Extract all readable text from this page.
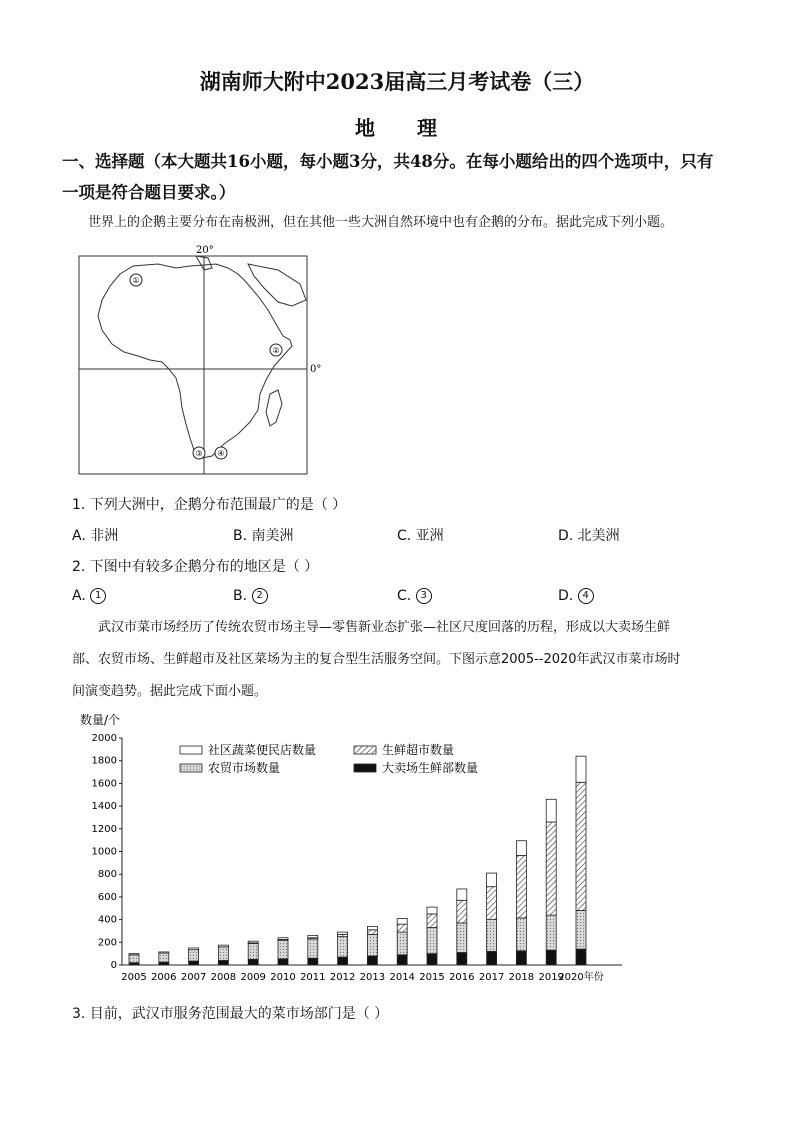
湖南师大附中2023届高三月考试卷（三）
地 理
一、选择题（本大题共16小题，每小题3分，共48分。在每小题给出的四个选项中，只有
一项是符合题目要求。）
世界上的企鹅主要分布在南极洲，但在其他一些大洲自然环境中也有企鹅的分布。据此完成下列小题。
20°
0°
①
②
③ ④
1. 下列大洲中，企鹅分布范围最广的是（ ）
A. 非洲	B. 南美洲	C. 亚洲	D. 北美洲
2. 下图中有较多企鹅分布的地区是（ ）
A. 1	B. 2	C. 3	D. 4
武汉市菜市场经历了传统农贸市场主导—零售新业态扩张—社区尺度回落的历程，形成以大卖场生鲜
部、农贸市场、生鲜超市及社区菜场为主的复合型生活服务空间。下图示意2005--2020年武汉市菜市场时
间演变趋势。据此完成下面小题。
数量/个
0
200
400
600
800
1000
1200
1400
1600
1800
2000
2005 2006 2007 2008 2009 2010 2011 2012 2013 2014 2015 2016 2017 2018 2019
2020年份
社区蔬菜便民店数量	生鲜超市数量
农贸市场数量	大卖场生鲜部数量
3. 目前，武汉市服务范围最大的菜市场部门是（ ）
